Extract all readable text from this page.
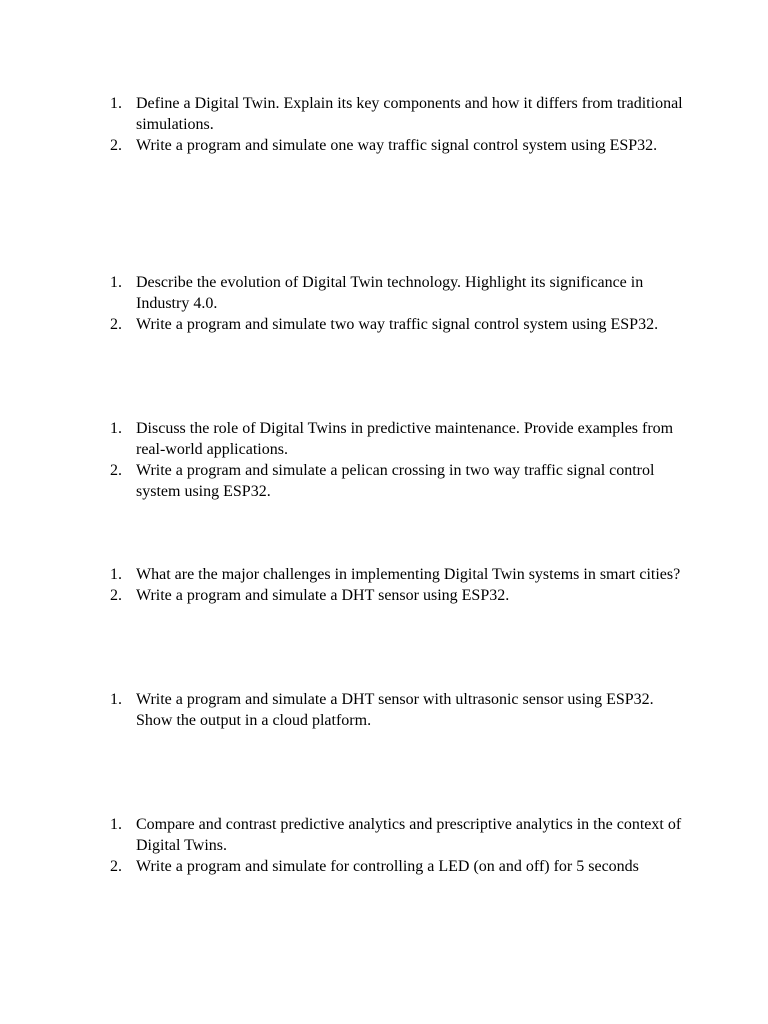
1. Define a Digital Twin. Explain its key components and how it differs from traditional simulations.
2. Write a program and simulate one way traffic signal control system using ESP32.
1. Describe the evolution of Digital Twin technology. Highlight its significance in Industry 4.0.
2. Write a program and simulate two way traffic signal control system using ESP32.
1. Discuss the role of Digital Twins in predictive maintenance. Provide examples from real-world applications.
2. Write a program and simulate a pelican crossing in two way traffic signal control system using ESP32.
1. What are the major challenges in implementing Digital Twin systems in smart cities?
2. Write a program and simulate a DHT sensor using ESP32.
1. Write a program and simulate a DHT sensor with ultrasonic sensor using ESP32. Show the output in a cloud platform.
1. Compare and contrast predictive analytics and prescriptive analytics in the context of Digital Twins.
2. Write a program and simulate for controlling a LED (on and off) for 5 seconds
